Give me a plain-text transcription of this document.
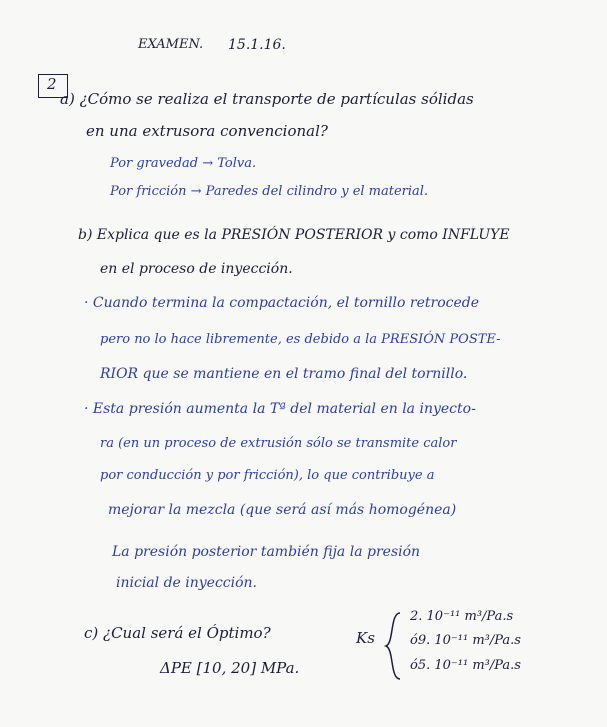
EXAMEN. 15.1.16.
2
a) ¿Cómo se realiza el transporte de partículas sólidas
en una extrusora convencional?
Por gravedad → Tolva.
Por fricción → Paredes del cilindro y el material.
b) Explica que es la PRESIÓN POSTERIOR y como INFLUYE
en el proceso de inyección.
· Cuando termina la compactación, el tornillo retrocede
pero no lo hace libremente, es debido a la PRESIÓN POSTE-
RIOR que se mantiene en el tramo final del tornillo.
· Esta presión aumenta la Tª del material en la inyecto-
ra (en un proceso de extrusión sólo se transmite calor
por conducción y por fricción), lo que contribuye a
mejorar la mezcla (que será así más homogénea)
La presión posterior también fija la presión
inicial de inyección.
c) ¿Cual será el Óptimo?	Ks
2. 10⁻¹¹ m³/Pa.s
ó9. 10⁻¹¹ m³/Pa.s
ó5. 10⁻¹¹ m³/Pa.s
ΔPE [10, 20] MPa.
